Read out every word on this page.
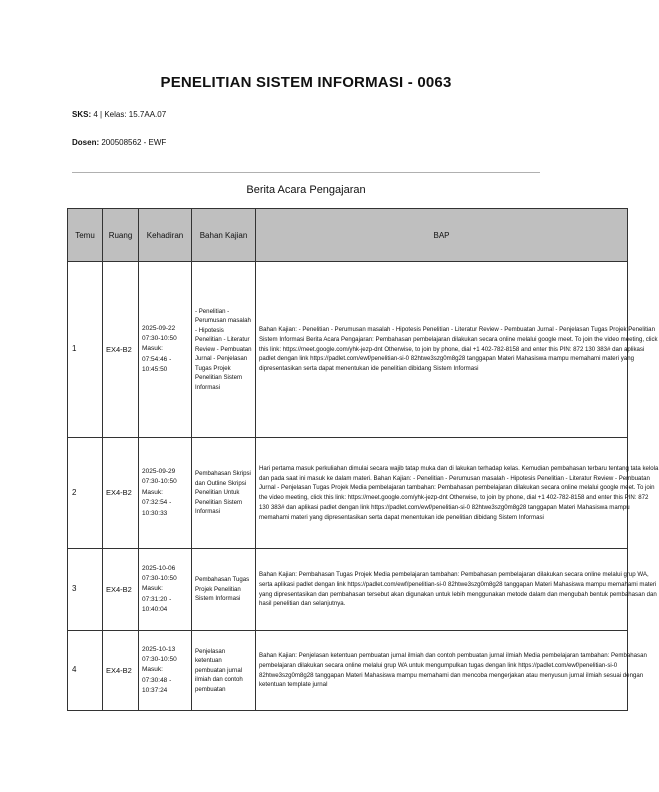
PENELITIAN SISTEM INFORMASI - 0063
SKS: 4 | Kelas: 15.7AA.07
Dosen: 200508562 - EWF
Berita Acara Pengajaran
Temu	Ruang	Kehadiran	Bahan Kajian	BAP
1	EX4-B2	2025-09-22 07:30-10:50 Masuk: 07:54:46 - 10:45:50	- Penelitian - Perumusan masalah - Hipotesis Penelitian - Literatur Review - Pembuatan Jurnal - Penjelasan Tugas Projek Penelitian Sistem Informasi	Bahan Kajian: - Penelitian - Perumusan masalah - Hipotesis Penelitian - Literatur Review - Pembuatan Jurnal - Penjelasan Tugas Projek Penelitian Sistem Informasi Berita Acara Pengajaran: Pembahasan pembelajaran dilakukan secara online melalui google meet. To join the video meeting, click this link: https://meet.google.com/yhk-jezp-dnt Otherwise, to join by phone, dial +1 402-782-8158 and enter this PIN: 872 130 383# dan aplikasi padlet dengan link https://padlet.com/ewf/penelitian-si-0 82htwe3szg0m8g28 tanggapan Materi Mahasiswa mampu memahami materi yang dipresentasikan serta dapat menentukan ide penelitian dibidang Sistem Informasi

2	EX4-B2	2025-09-29 07:30-10:50 Masuk: 07:32:54 - 10:30:33	Pembahasan Skripsi dan Outline Skripsi Penelitian Untuk Penelitian Sistem Informasi	Hari pertama masuk perkuliahan dimulai secara wajib tatap muka dan di lakukan terhadap kelas. Kemudian pembahasan terbaru tentang tata kelola dan pada saat ini masuk ke dalam materi. Bahan Kajian: - Penelitian - Perumusan masalah - Hipotesis Penelitian - Literatur Review - Pembuatan Jurnal - Penjelasan Tugas Projek Media pembelajaran tambahan: Pembahasan pembelajaran dilakukan secara online melalui google meet. To join the video meeting, click this link: https://meet.google.com/yhk-jezp-dnt Otherwise, to join by phone, dial +1 402-782-8158 and enter this PIN: 872 130 383# dan aplikasi padlet dengan link https://padlet.com/ewf/penelitian-si-0 82htwe3szg0m8g28 tanggapan Materi Mahasiswa mampu memahami materi yang dipresentasikan serta dapat menentukan ide penelitian dibidang Sistem Informasi

3	EX4-B2	2025-10-06 07:30-10:50 Masuk: 07:31:20 - 10:40:04	Pembahasan Tugas Projek Penelitian Sistem Informasi	Bahan Kajian: Pembahasan Tugas Projek Media pembelajaran tambahan: Pembahasan pembelajaran dilakukan secara online melalui grup WA, serta aplikasi padlet dengan link https://padlet.com/ewf/penelitian-si-0 82htwe3szg0m8g28 tanggapan Materi Mahasiswa mampu memahami materi yang dipresentasikan dan pembahasan tersebut akan digunakan untuk lebih menggunakan metode dalam dan mengubah bentuk pembahasan dan hasil penelitian dan selanjutnya.

4	EX4-B2	2025-10-13 07:30-10:50 Masuk: 07:30:48 - 10:37:24	Penjelasan ketentuan pembuatan jurnal ilmiah dan contoh pembuatan	Bahan Kajian: Penjelasan ketentuan pembuatan jurnal ilmiah dan contoh pembuatan jurnal ilmiah Media pembelajaran tambahan: Pembahasan pembelajaran dilakukan secara online melalui grup WA untuk mengumpulkan tugas dengan link https://padlet.com/ewf/penelitian-si-0 82htwe3szg0m8g28 tanggapan Materi Mahasiswa mampu memahami dan mencoba mengerjakan atau menyusun jurnal ilmiah sesuai dengan ketentuan template jurnal
